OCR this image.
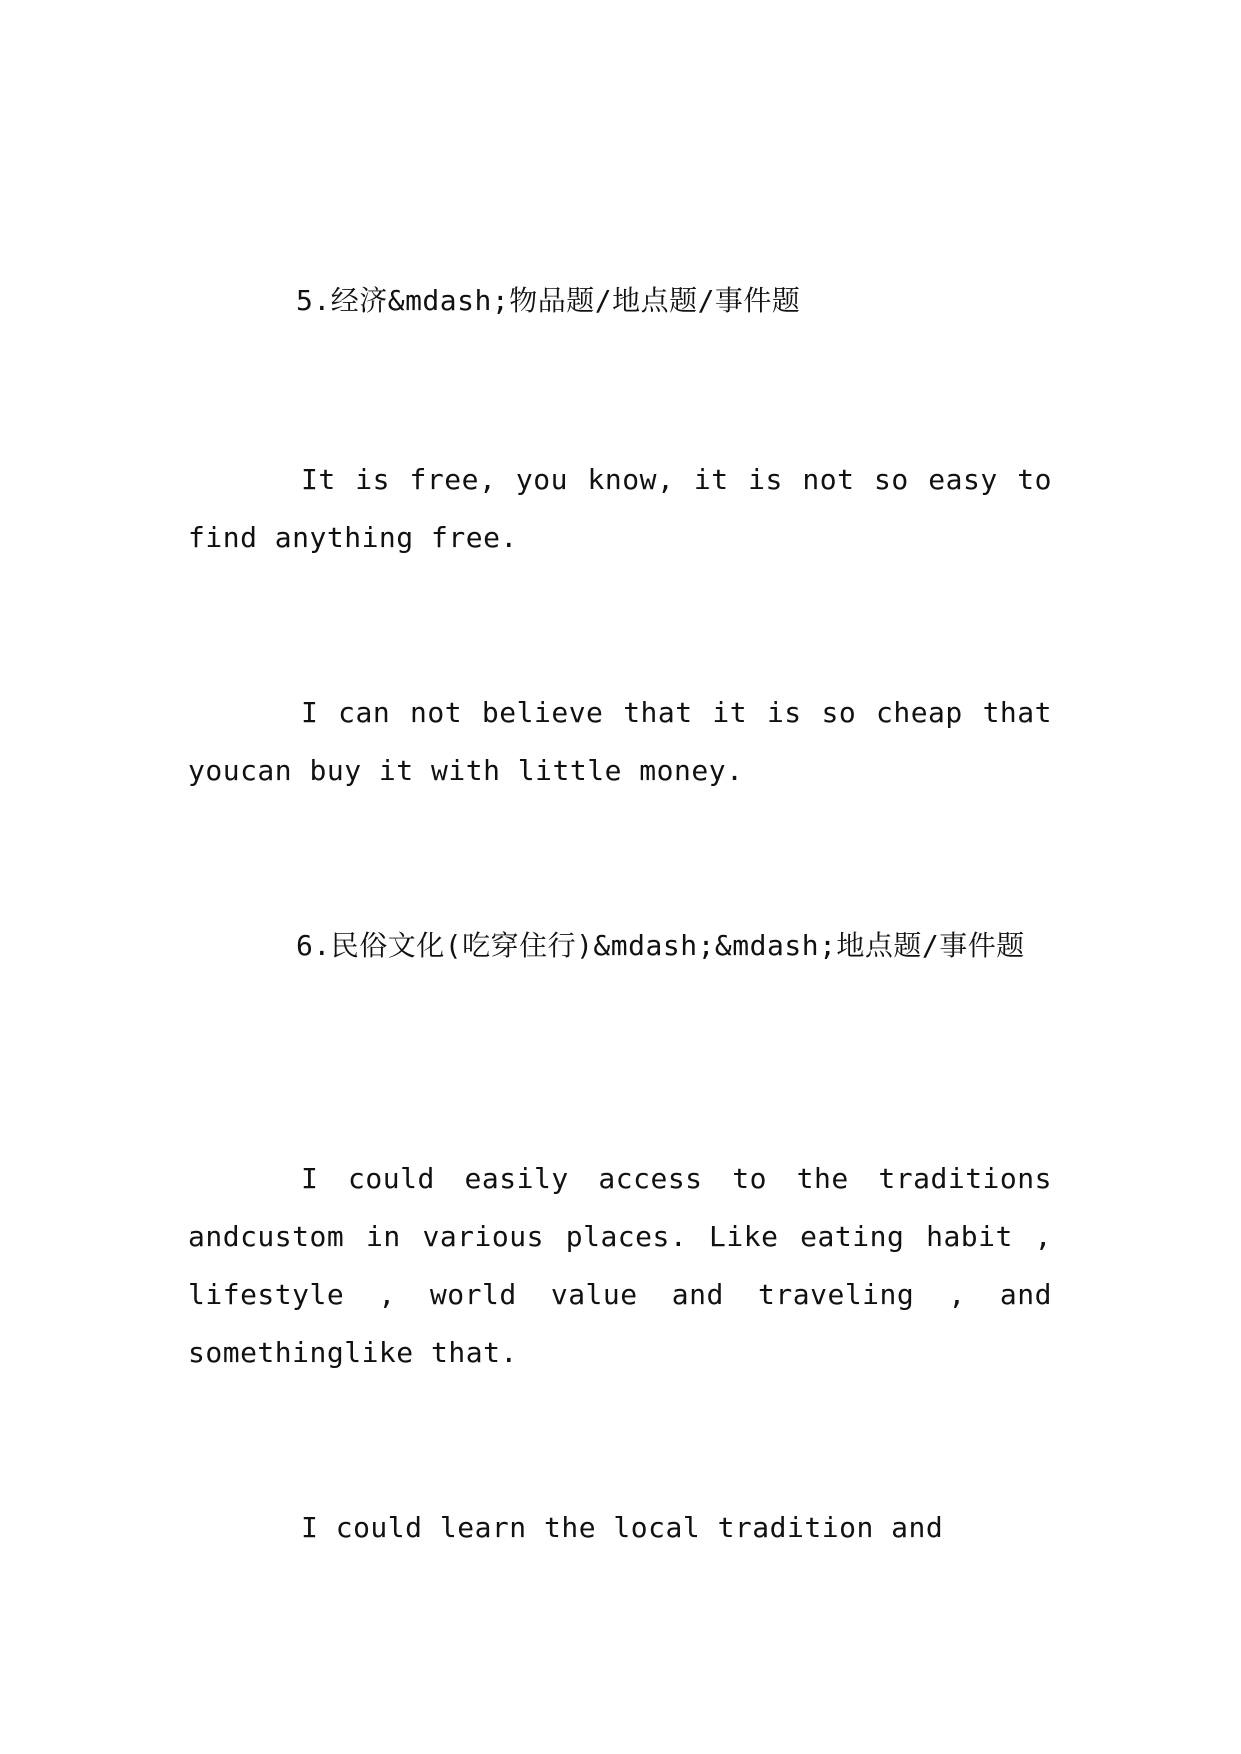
5.经济&mdash;物品题/地点题/事件题

It is free, you know, it is not so easy to find anything free.

I can not believe that it is so cheap that youcan buy it with little money.

6.民俗文化(吃穿住行)&mdash;&mdash;地点题/事件题

I could easily access to the traditions andcustom in various places. Like eating habit , lifestyle , world value and traveling , and somethinglike that.

I could learn the local tradition and
